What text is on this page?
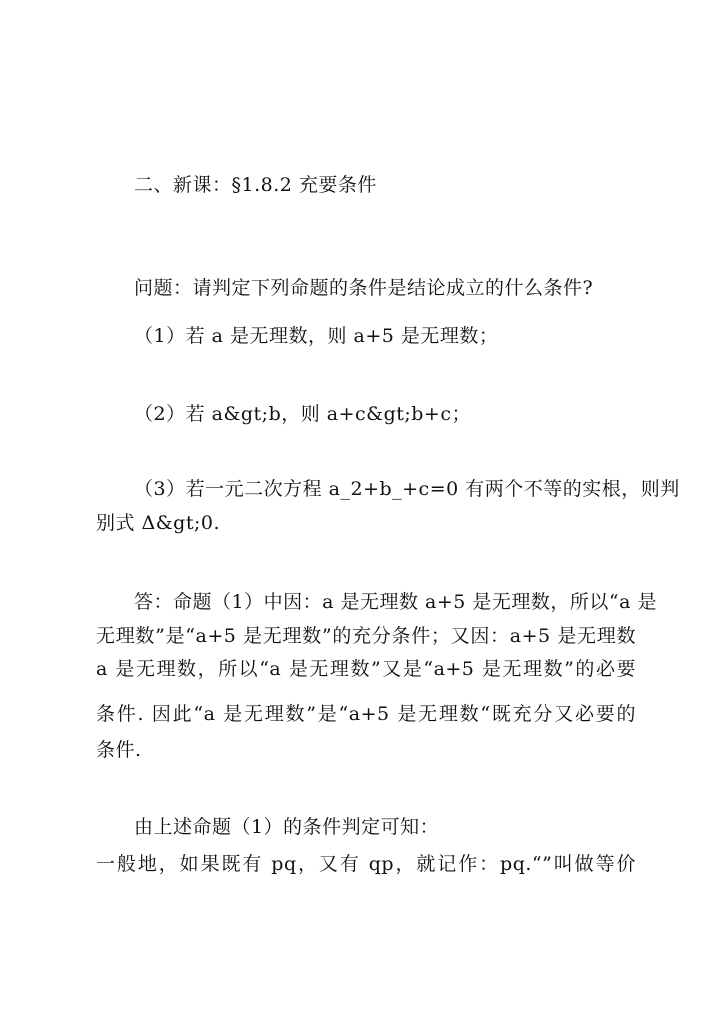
二、新课：§1.8.2 充要条件
问题：请判定下列命题的条件是结论成立的什么条件?
（1）若 a 是无理数，则 a+5 是无理数；
（2）若 a&gt;b，则 a+c&gt;b+c；
（3）若一元二次方程 a_2+b_+c=0 有两个不等的实根，则判
别式 Δ&gt;0.
答：命题（1）中因：a 是无理数 a+5 是无理数，所以“a 是
无理数”是“a+5 是无理数”的充分条件；又因：a+5 是无理数
a 是无理数，所以“a 是无理数”又是“a+5 是无理数”的必要
条件. 因此“a 是无理数”是“a+5 是无理数“既充分又必要的
条件.
由上述命题（1）的条件判定可知：
一般地，如果既有 pq，又有 qp，就记作：pq.“”叫做等价
